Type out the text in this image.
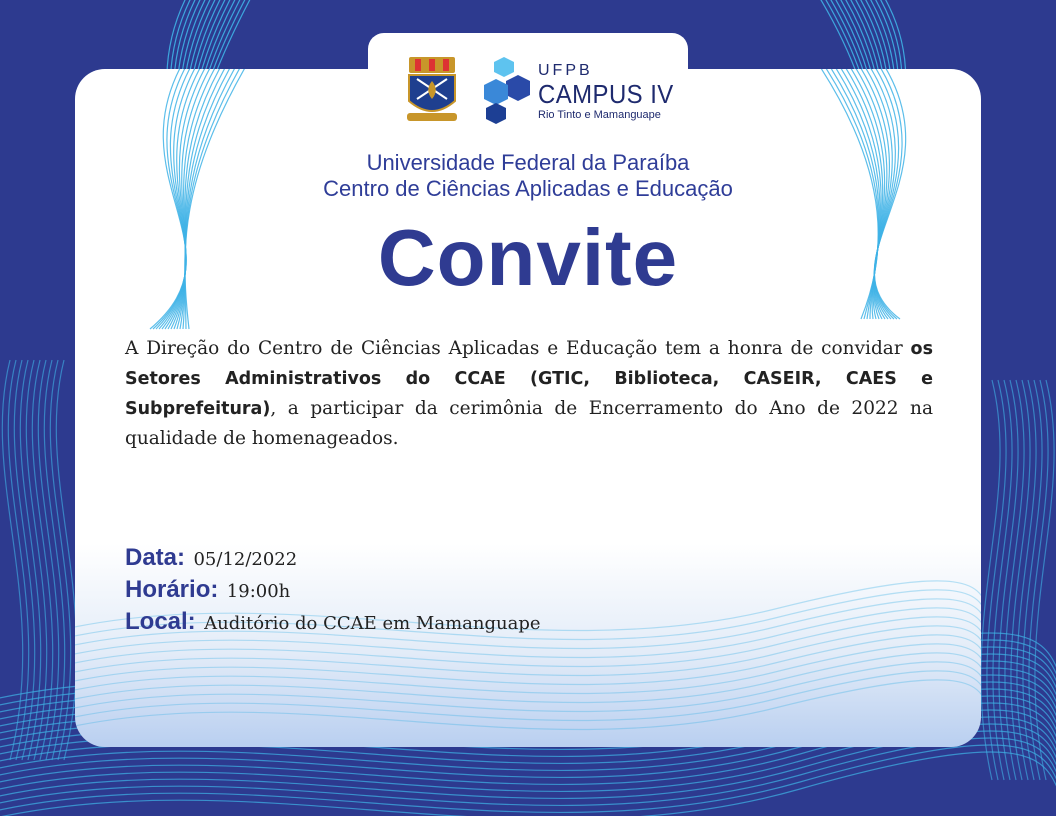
UFPB
CAMPUS IV
Rio Tinto e Mamanguape
Universidade Federal da Paraíba
Centro de Ciências Aplicadas e Educação
Convite
A Direção do Centro de Ciências Aplicadas e Educação tem a honra de convidar os Setores Administrativos do CCAE (GTIC, Biblioteca, CASEIR, CAES e Subprefeitura), a participar da cerimônia de Encerramento do Ano de 2022 na qualidade de homenageados.
Data: 05/12/2022
Horário: 19:00h
Local: Auditório do CCAE em Mamanguape
